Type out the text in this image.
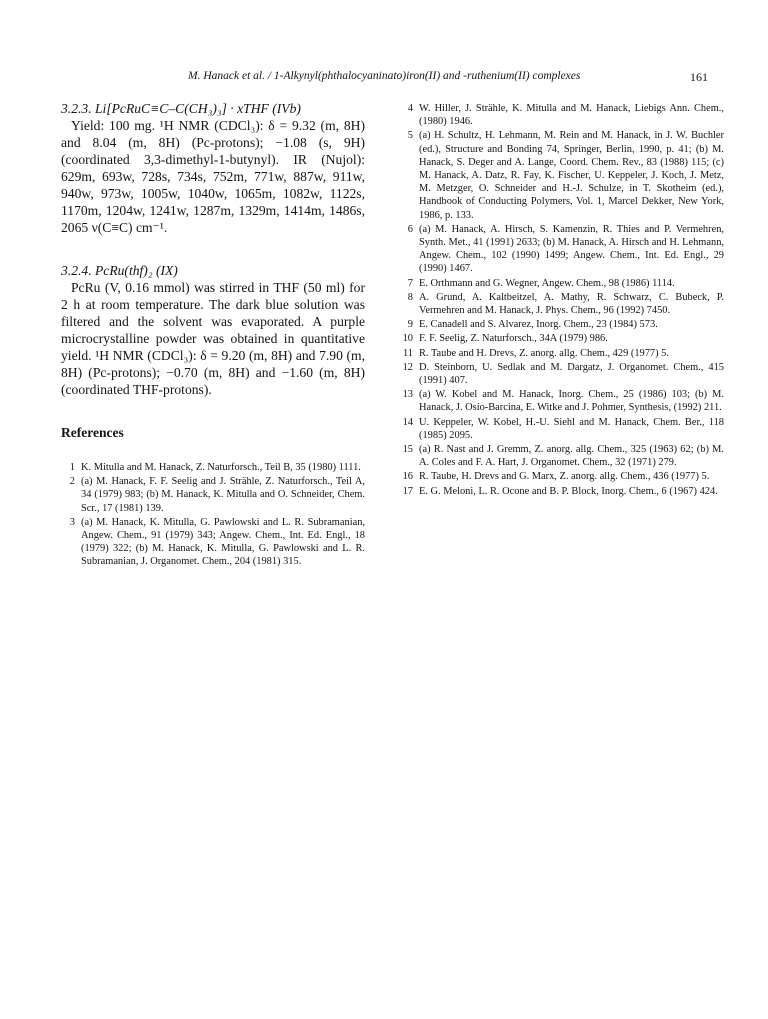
M. Hanack et al. / 1-Alkynyl(phthalocyaninato)iron(II) and -ruthenium(II) complexes	161
3.2.3. Li[PcRuC≡C–C(CH₃)₃] · xTHF (IVb)
Yield: 100 mg. ¹H NMR (CDCl₃): δ = 9.32 (m, 8H) and 8.04 (m, 8H) (Pc-protons); −1.08 (s, 9H) (coordinated 3,3-dimethyl-1-butynyl). IR (Nujol): 629m, 693w, 728s, 734s, 752m, 771w, 887w, 911w, 940w, 973w, 1005w, 1040w, 1065m, 1082w, 1122s, 1170m, 1204w, 1241w, 1287m, 1329m, 1414m, 1486s, 2065 ν(C≡C) cm⁻¹.
3.2.4. PcRu(thf)₂ (IX)
PcRu (V, 0.16 mmol) was stirred in THF (50 ml) for 2 h at room temperature. The dark blue solution was filtered and the solvent was evaporated. A purple microcrystalline powder was obtained in quantitative yield. ¹H NMR (CDCl₃): δ = 9.20 (m, 8H) and 7.90 (m, 8H) (Pc-protons); −0.70 (m, 8H) and −1.60 (m, 8H) (coordinated THF-protons).
References
1 K. Mitulla and M. Hanack, Z. Naturforsch., Teil B, 35 (1980) 1111.
2 (a) M. Hanack, F. F. Seelig and J. Strähle, Z. Naturforsch., Teil A, 34 (1979) 983; (b) M. Hanack, K. Mitulla and O. Schneider, Chem. Scr., 17 (1981) 139.
3 (a) M. Hanack, K. Mitulla, G. Pawlowski and L. R. Subramanian, Angew. Chem., 91 (1979) 343; Angew. Chem., Int. Ed. Engl., 18 (1979) 322; (b) M. Hanack, K. Mitulla, G. Pawlowski and L. R. Subramanian, J. Organomet. Chem., 204 (1981) 315.
4 W. Hiller, J. Strähle, K. Mitulla and M. Hanack, Liebigs Ann. Chem., (1980) 1946.
5 (a) H. Schultz, H. Lehmann, M. Rein and M. Hanack, in J. W. Buchler (ed.), Structure and Bonding 74, Springer, Berlin, 1990, p. 41; (b) M. Hanack, S. Deger and A. Lange, Coord. Chem. Rev., 83 (1988) 115; (c) M. Hanack, A. Datz, R. Fay, K. Fischer, U. Keppeler, J. Koch, J. Metz, M. Metzger, O. Schneider and H.-J. Schulze, in T. Skotheim (ed.), Handbook of Conducting Polymers, Vol. 1, Marcel Dekker, New York, 1986, p. 133.
6 (a) M. Hanack, A. Hirsch, S. Kamenzin, R. Thies and P. Vermehren, Synth. Met., 41 (1991) 2633; (b) M. Hanack, A. Hirsch and H. Lehmann, Angew. Chem., 102 (1990) 1499; Angew. Chem., Int. Ed. Engl., 29 (1990) 1467.
7 E. Orthmann and G. Wegner, Angew. Chem., 98 (1986) 1114.
8 A. Grund, A. Kaltbeitzel, A. Mathy, R. Schwarz, C. Bubeck, P. Vermehren and M. Hanack, J. Phys. Chem., 96 (1992) 7450.
9 E. Canadell and S. Alvarez, Inorg. Chem., 23 (1984) 573.
10 F. F. Seelig, Z. Naturforsch., 34A (1979) 986.
11 R. Taube and H. Drevs, Z. anorg. allg. Chem., 429 (1977) 5.
12 D. Steinborn, U. Sedlak and M. Dargatz, J. Organomet. Chem., 415 (1991) 407.
13 (a) W. Kobel and M. Hanack, Inorg. Chem., 25 (1986) 103; (b) M. Hanack, J. Osío-Barcina, E. Witke and J. Pohmer, Synthesis, (1992) 211.
14 U. Keppeler, W. Kobel, H.-U. Siehl and M. Hanack, Chem. Ber., 118 (1985) 2095.
15 (a) R. Nast and J. Gremm, Z. anorg. allg. Chem., 325 (1963) 62; (b) M. A. Coles and F. A. Hart, J. Organomet. Chem., 32 (1971) 279.
16 R. Taube, H. Drevs and G. Marx, Z. anorg. allg. Chem., 436 (1977) 5.
17 E. G. Meloni, L. R. Ocone and B. P. Block, Inorg. Chem., 6 (1967) 424.
